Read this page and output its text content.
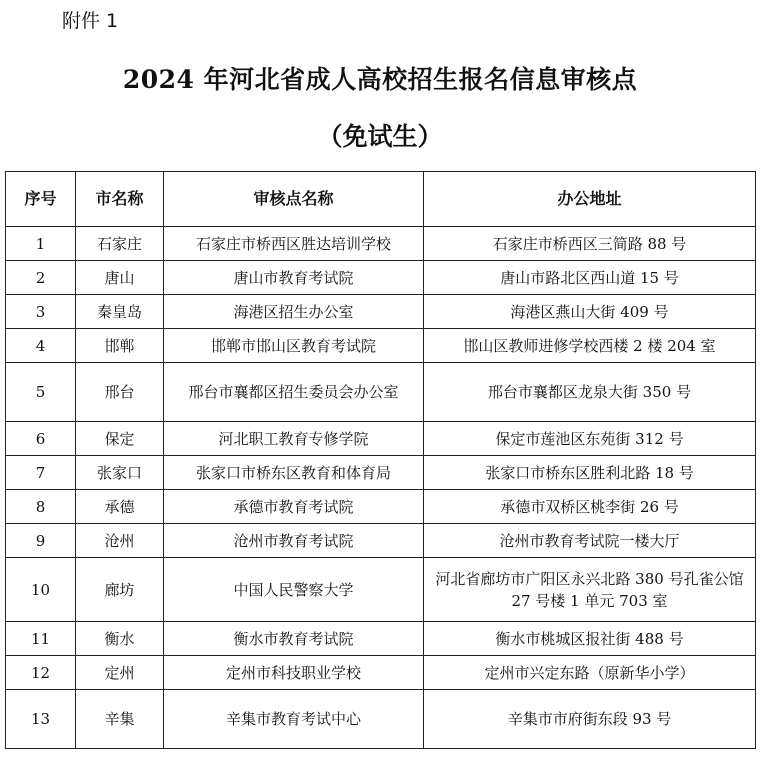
附件 1
2024 年河北省成人高校招生报名信息审核点
（免试生）
序号	市名称	审核点名称	办公地址
1	石家庄	石家庄市桥西区胜达培训学校	石家庄市桥西区三简路 88 号
2	唐山	唐山市教育考试院	唐山市路北区西山道 15 号
3	秦皇岛	海港区招生办公室	海港区燕山大街 409 号
4	邯郸	邯郸市邯山区教育考试院	邯山区教师进修学校西楼 2 楼 204 室
5	邢台	邢台市襄都区招生委员会办公室	邢台市襄都区龙泉大街 350 号
6	保定	河北职工教育专修学院	保定市莲池区东苑街 312 号
7	张家口	张家口市桥东区教育和体育局	张家口市桥东区胜利北路 18 号
8	承德	承德市教育考试院	承德市双桥区桃李街 26 号
9	沧州	沧州市教育考试院	沧州市教育考试院一楼大厅
10	廊坊	中国人民警察大学	河北省廊坊市广阳区永兴北路 380 号孔雀公馆 27 号楼 1 单元 703 室
11	衡水	衡水市教育考试院	衡水市桃城区报社街 488 号
12	定州	定州市科技职业学校	定州市兴定东路（原新华小学）
13	辛集	辛集市教育考试中心	辛集市市府街东段 93 号
